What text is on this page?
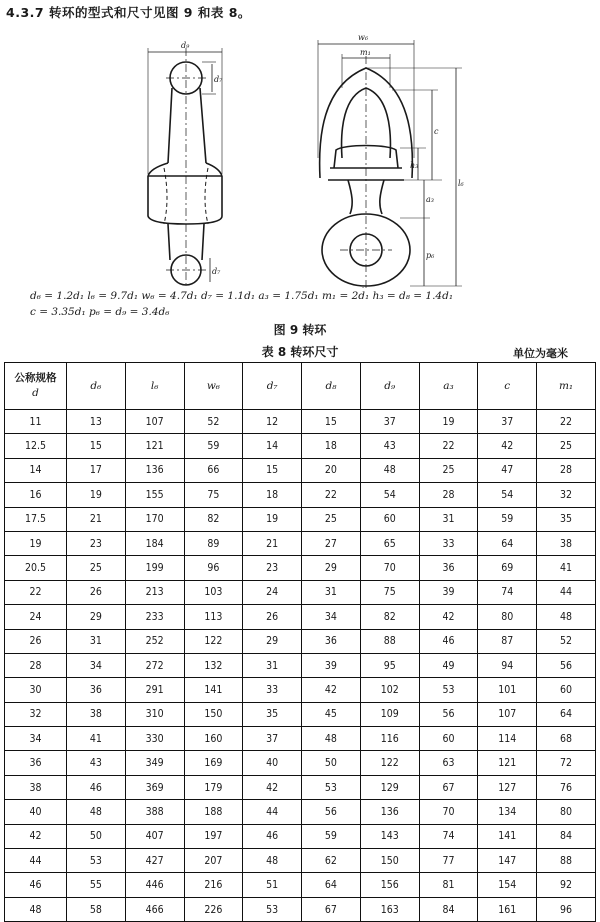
4.3.7 转环的型式和尺寸见图 9 和表 8。
d₉
d₇
d₇
w₆
m₁
c
h₃
a₃
l₆
p₆
d₆ = 1.2d₁ l₆ = 9.7d₁ w₆ = 4.7d₁ d₇ = 1.1d₁ a₃ = 1.75d₁ m₁ = 2d₁ h₃ = d₈ = 1.4d₁
c = 3.35d₁ p₆ = d₉ = 3.4d₆
图 9 转环
表 8 转环尺寸	单位为毫米
公称规格
d	d₆	l₆	w₆	d₇	d₈	d₉	a₃	c	m₁
11	13	107	52	12	15	37	19	37	22
12.5	15	121	59	14	18	43	22	42	25
14	17	136	66	15	20	48	25	47	28
16	19	155	75	18	22	54	28	54	32
17.5	21	170	82	19	25	60	31	59	35
19	23	184	89	21	27	65	33	64	38
20.5	25	199	96	23	29	70	36	69	41
22	26	213	103	24	31	75	39	74	44
24	29	233	113	26	34	82	42	80	48
26	31	252	122	29	36	88	46	87	52
28	34	272	132	31	39	95	49	94	56
30	36	291	141	33	42	102	53	101	60
32	38	310	150	35	45	109	56	107	64
34	41	330	160	37	48	116	60	114	68
36	43	349	169	40	50	122	63	121	72
38	46	369	179	42	53	129	67	127	76
40	48	388	188	44	56	136	70	134	80
42	50	407	197	46	59	143	74	141	84
44	53	427	207	48	62	150	77	147	88
46	55	446	216	51	64	156	81	154	92
48	58	466	226	53	67	163	84	161	96
